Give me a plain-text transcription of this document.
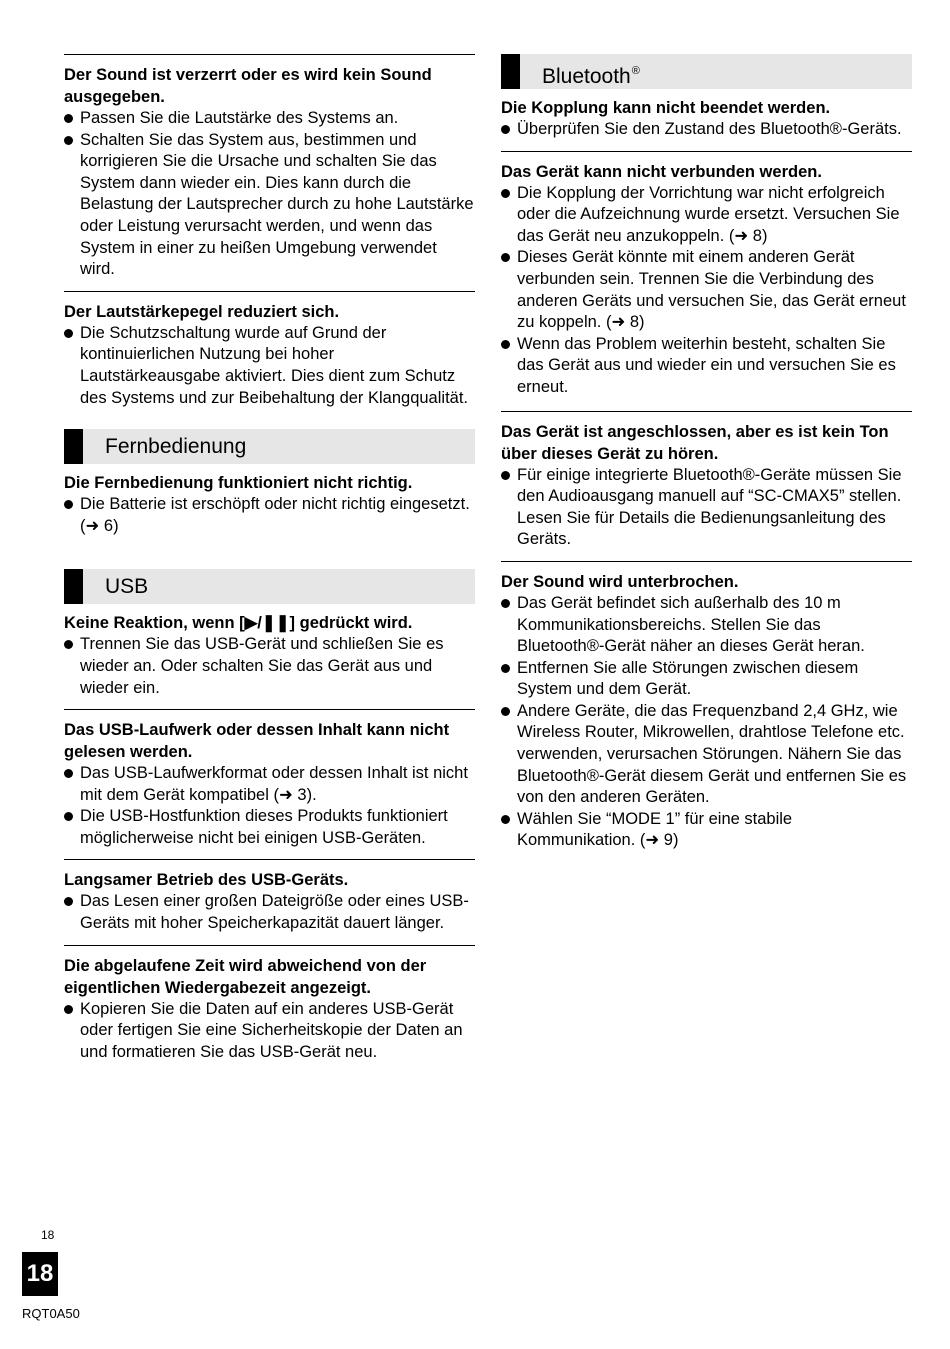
Der Sound ist verzerrt oder es wird kein Sound ausgegeben.
Passen Sie die Lautstärke des Systems an.
Schalten Sie das System aus, bestimmen und korrigieren Sie die Ursache und schalten Sie das System dann wieder ein. Dies kann durch die Belastung der Lautsprecher durch zu hohe Lautstärke oder Leistung verursacht werden, und wenn das System in einer zu heißen Umgebung verwendet wird.
Der Lautstärkepegel reduziert sich.
Die Schutzschaltung wurde auf Grund der kontinuierlichen Nutzung bei hoher Lautstärkeausgabe aktiviert. Dies dient zum Schutz des Systems und zur Beibehaltung der Klangqualität.
Fernbedienung
Die Fernbedienung funktioniert nicht richtig.
Die Batterie ist erschöpft oder nicht richtig eingesetzt. (➜ 6)
USB
Keine Reaktion, wenn [▶/❚❚] gedrückt wird.
Trennen Sie das USB-Gerät und schließen Sie es wieder an. Oder schalten Sie das Gerät aus und wieder ein.
Das USB-Laufwerk oder dessen Inhalt kann nicht gelesen werden.
Das USB-Laufwerkformat oder dessen Inhalt ist nicht mit dem Gerät kompatibel (➜ 3).
Die USB-Hostfunktion dieses Produkts funktioniert möglicherweise nicht bei einigen USB-Geräten.
Langsamer Betrieb des USB-Geräts.
Das Lesen einer großen Dateigröße oder eines USB-Geräts mit hoher Speicherkapazität dauert länger.
Die abgelaufene Zeit wird abweichend von der eigentlichen Wiedergabezeit angezeigt.
Kopieren Sie die Daten auf ein anderes USB-Gerät oder fertigen Sie eine Sicherheitskopie der Daten an und formatieren Sie das USB-Gerät neu.
Bluetooth®
Die Kopplung kann nicht beendet werden.
Überprüfen Sie den Zustand des Bluetooth®-Geräts.
Das Gerät kann nicht verbunden werden.
Die Kopplung der Vorrichtung war nicht erfolgreich oder die Aufzeichnung wurde ersetzt. Versuchen Sie das Gerät neu anzukoppeln. (➜ 8)
Dieses Gerät könnte mit einem anderen Gerät verbunden sein. Trennen Sie die Verbindung des anderen Geräts und versuchen Sie, das Gerät erneut zu koppeln. (➜ 8)
Wenn das Problem weiterhin besteht, schalten Sie das Gerät aus und wieder ein und versuchen Sie es erneut.
Das Gerät ist angeschlossen, aber es ist kein Ton über dieses Gerät zu hören.
Für einige integrierte Bluetooth®-Geräte müssen Sie den Audioausgang manuell auf “SC-CMAX5” stellen. Lesen Sie für Details die Bedienungsanleitung des Geräts.
Der Sound wird unterbrochen.
Das Gerät befindet sich außerhalb des 10 m Kommunikationsbereichs. Stellen Sie das Bluetooth®-Gerät näher an dieses Gerät heran.
Entfernen Sie alle Störungen zwischen diesem System und dem Gerät.
Andere Geräte, die das Frequenzband 2,4 GHz, wie Wireless Router, Mikrowellen, drahtlose Telefone etc. verwenden, verursachen Störungen. Nähern Sie das Bluetooth®-Gerät diesem Gerät und entfernen Sie es von den anderen Geräten.
Wählen Sie “MODE 1” für eine stabile Kommunikation. (➜ 9)
18
18
RQT0A50
